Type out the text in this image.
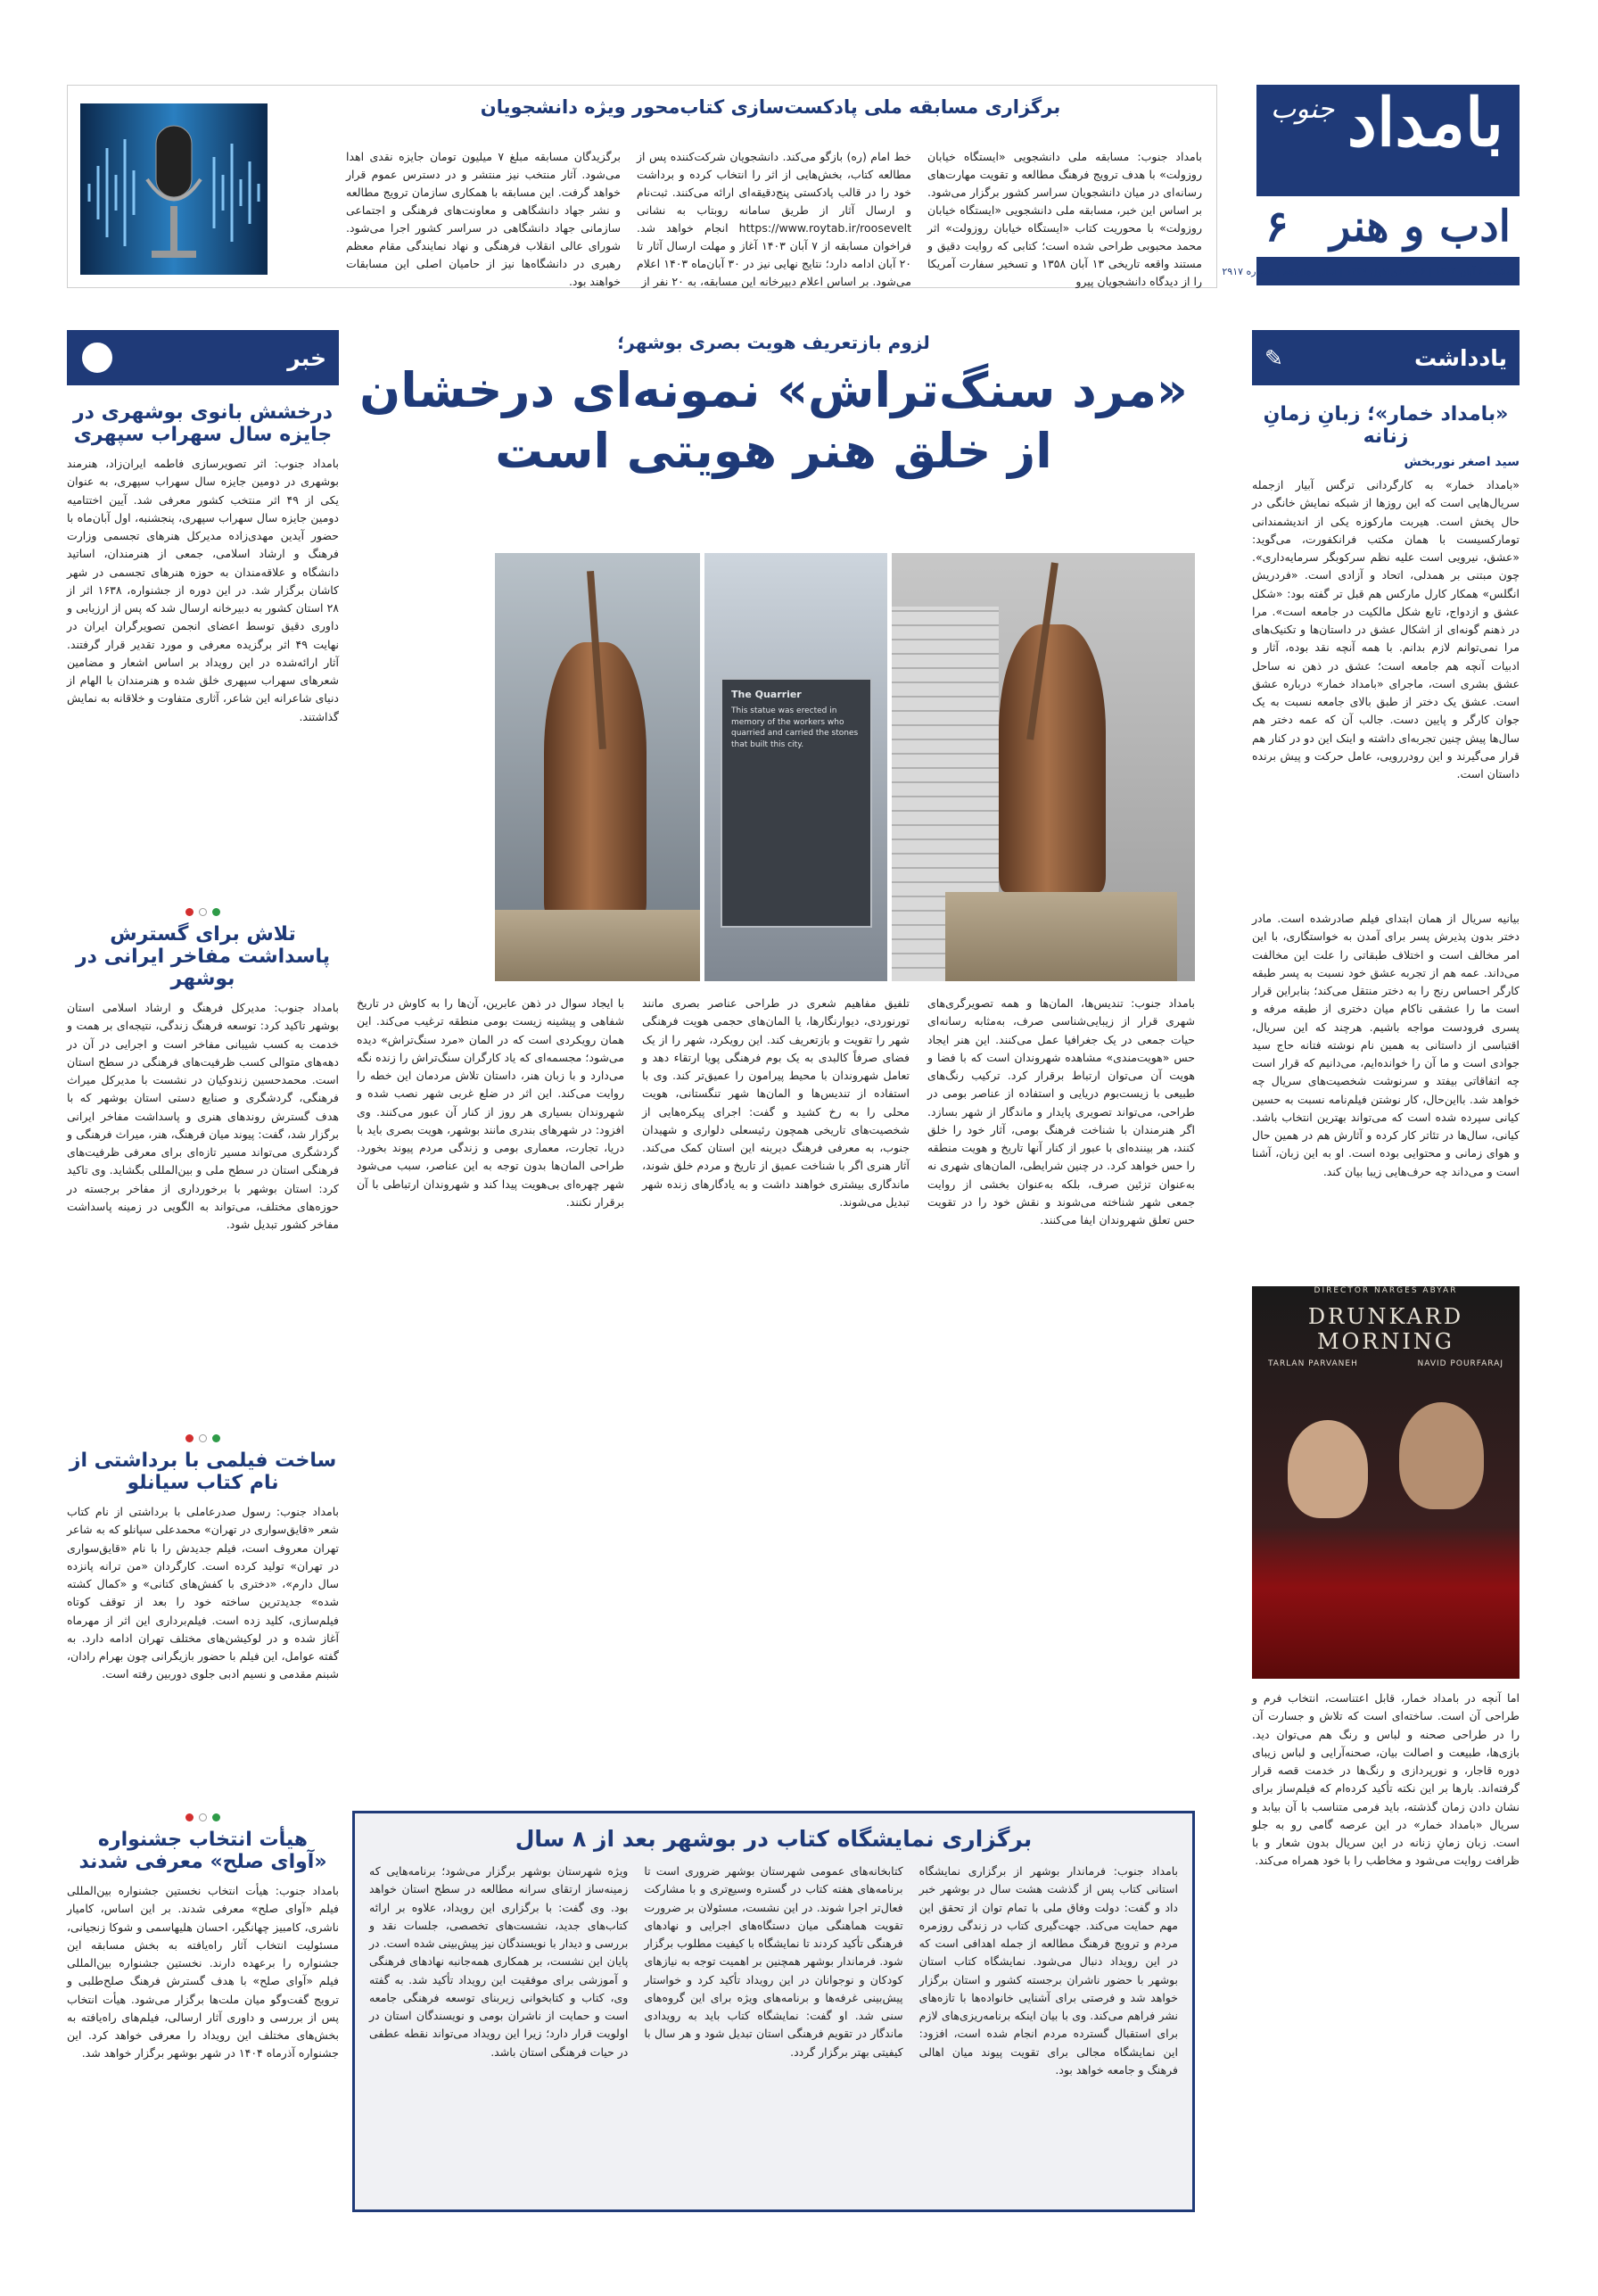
بامداد
جنوب
ادب و هنر
۶
سه‌شنبه ۶ آبان ۱۴۰۴ | ۶ جمادی‌الاول ۱۴۴۷ | سال دوازدهم | شماره ۲۹۱۷
برگزاری مسابقه ملی پادکست‌سازی کتاب‌محور ویژه دانشجویان

بامداد جنوب: مسابقه ملی دانشجویی «ایستگاه خیابان روزولت» با هدف ترویج فرهنگ مطالعه و تقویت مهارت‌های رسانه‌ای در میان دانشجویان سراسر کشور برگزار می‌شود. بر اساس این خبر، مسابقه ملی دانشجویی «ایستگاه خیابان روزولت» با محوریت کتاب «ایستگاه خیابان روزولت» اثر محمد محبوبی طراحی شده است؛ کتابی که روایت دقیق و مستند واقعه تاریخی ۱۳ آبان ۱۳۵۸ و تسخیر سفارت آمریکا را از دیدگاه دانشجویان پیرو

خط امام (ره) بازگو می‌کند. دانشجویان شرکت‌کننده پس از مطالعه کتاب، بخش‌هایی از اثر را انتخاب کرده و برداشت خود را در قالب پادکستی پنج‌دقیقه‌ای ارائه می‌کنند. ثبت‌نام و ارسال آثار از طریق سامانه روبتاب به نشانی https://www.roytab.ir/roosevelt انجام خواهد شد. فراخوان مسابقه از ۷ آبان ۱۴۰۳ آغاز و مهلت ارسال آثار تا ۲۰ آبان ادامه دارد؛ نتایج نهایی نیز در ۳۰ آبان‌ماه ۱۴۰۳ اعلام می‌شود. بر اساس اعلام دبیرخانه این مسابقه، به ۲۰ نفر از

برگزیدگان مسابقه مبلغ ۷ میلیون تومان جایزه نقدی اهدا می‌شود. آثار منتخب نیز منتشر و در دسترس عموم قرار خواهد گرفت. این مسابقه با همکاری سازمان ترویج مطالعه و نشر جهاد دانشگاهی و معاونت‌های فرهنگی و اجتماعی سازمانی جهاد دانشگاهی در سراسر کشور اجرا می‌شود. شورای عالی انقلاب فرهنگی و نهاد نمایندگی مقام معظم رهبری در دانشگاه‌ها نیز از حامیان اصلی این مسابقات خواهند بود.

یادداشت
✎
«بامداد خمار»؛ زبانِ زمانِ زنانه
سید اصغر نوربخش

«بامداد خمار» به کارگردانی ترگس آبیار ازجمله سریال‌هایی است که این روزها از شبکه نمایش خانگی در حال پخش است. هیربت مارکوزه یکی از اندیشمندانی تومارکسیست با همان مکتب فرانکفورت، می‌گوید: «عشق، نیرویی است علیه نظم سرکوبگر سرمایه‌داری». چون مبتنی بر همدلی، اتحاد و آزادی است. «فردریش انگلس» همکار کارل مارکس هم قبل تر گفته بود: «شکل عشق و ازدواج، تابع شکل مالکیت در جامعه است». مرا در ذهنم گونه‌ای از اشکال عشق در داستان‌ها و تکنیک‌های مرا نمی‌توانم لازم بدانم. با همه آنچه نقد بوده، آثار و ادبیات آنچه هم جامعه است؛ عشق در ذهن نه ساحل عشق بشری است، ماجرای «بامداد خمار» درباره عشق است. عشق یک دختر از طبق بالای جامعه نسبت به یک جوان کارگر و پایین دست. جالب آن که عمه دختر هم سال‌ها پیش چنین تجربه‌ای داشته و اینک این دو در کنار هم قرار می‌گیرند و این رودررویی، عامل حرکت و پیش برنده داستان است.

بیانیه سریال از همان ابتدای فیلم صادرشده است. مادر دختر بدون پذیرش پسر برای آمدن به خواستگاری، با این امر مخالف است و اختلاف طبقاتی را علت این مخالفت می‌داند. عمه هم از تجربه عشق خود نسبت به پسر طبقه کارگر احساس رنج را به دختر منتقل می‌کند؛ بنابراین قرار است ما را عشقی ناکام میان دختری از طبقه مرفه و پسری فرودست مواجه باشیم. هرچند که این سریال، اقتباسی از داستانی به همین نام نوشته فتانه حاج سید جوادی است و ما آن را خوانده‌ایم، می‌دانیم که قرار است چه اتفاقاتی بیفتد و سرنوشت شخصیت‌های سریال چه خواهد شد. بااین‌حال، کار نوشتن فیلم‌نامه نسبت به حسین کیانی سپرده شده است که می‌تواند بهترین انتخاب باشد. کیانی، سال‌ها در تئاتر کار کرده و آثارش هم در همین حال و هوای زمانی و محتوایی بوده است. او به این زبان، آشنا است و می‌داند چه حرف‌هایی زیبا بیان کند.

DIRECTOR NARGES ABYAR
DRUNKARD MORNING
TARLAN PARVANEH	NAVID POURFARAJ

اما آنچه در بامداد خمار، قابل اعتناست، انتخاب فرم و طراحی آن است. ساخته‌ای است که تلاش و جسارت آن را در طراحی صحنه و لباس و رنگ هم می‌توان دید. بازی‌ها، طبیعت و اصالت بیان، صحنه‌آرایی و لباس زیبای دوره قاجار، و نورپردازی و رنگ‌ها در خدمت قصه قرار گرفته‌اند. بارها بر این نکته تأکید کرده‌ام که فیلم‌ساز برای نشان دادن زمان گذشته، باید فرمی متناسب با آن بیابد و سریال «بامداد خمار» در این عرصه گامی رو به جلو است. زبان زمانِ زنانه در این سریال بدون شعار و با ظرافت روایت می‌شود و مخاطب را با خود همراه می‌کند.

خبر
درخشش بانوی بوشهری در جایزه سال سهراب سپهری

بامداد جنوب: اثر تصویرسازی فاطمه ایران‌زاد، هنرمند بوشهری در دومین جایزه سال سهراب سپهری، به عنوان یکی از ۴۹ اثر منتخب کشور معرفی شد. آیین اختتامیه دومین جایزه سال سهراب سپهری، پنجشنبه، اول آبان‌ماه با حضور آیدین مهدی‌زاده مدیرکل هنرهای تجسمی وزارت فرهنگ و ارشاد اسلامی، جمعی از هنرمندان، اساتید دانشگاه و علاقه‌مندان به حوزه هنرهای تجسمی در شهر کاشان برگزار شد. در این دوره از جشنواره، ۱۶۳۸ اثر از ۲۸ استان کشور به دبیرخانه ارسال شد که پس از ارزیابی و داوری دقیق توسط اعضای انجمن تصویرگران ایران در نهایت ۴۹ اثر برگزیده معرفی و مورد تقدیر قرار گرفتند. آثار ارائه‌شده در این رویداد بر اساس اشعار و مضامین شعرهای سهراب سپهری خلق شده و هنرمندان با الهام از دنیای شاعرانه این شاعر، آثاری متفاوت و خلاقانه به نمایش گذاشتند.

تلاش برای گسترش پاسداشت مفاخر ایرانی در بوشهر

بامداد جنوب: مدیرکل فرهنگ و ارشاد اسلامی استان بوشهر تاکید کرد: توسعه فرهنگ زندگی، نتیجه‌ای بر همت و خدمت به کسب شیبانی مفاخر است و اجرایی در آن در دهه‌های متوالی کسب ظرفیت‌های فرهنگی در سطح استان است. محمدحسین زندوکیان در نشست با مدیرکل میراث فرهنگی، گردشگری و صنایع دستی استان بوشهر که با هدف گسترش روندهای هنری و پاسداشت مفاخر ایرانی برگزار شد، گفت: پیوند میان فرهنگ، هنر، میراث فرهنگی و گردشگری می‌تواند مسیر تازه‌ای برای معرفی ظرفیت‌های فرهنگی استان در سطح ملی و بین‌المللی بگشاید. وی تاکید کرد: استان بوشهر با برخورداری از مفاخر برجسته در حوزه‌های مختلف، می‌تواند به الگویی در زمینه پاسداشت مفاخر کشور تبدیل شود.

ساخت فیلمی با برداشتی از نام کتاب سیانلو

بامداد جنوب: رسول صدرعاملی با برداشتی از نام کتاب شعر «قایق‌سواری در تهران» محمدعلی سپانلو که به شاعر تهران معروف است، فیلم جدیدش را با نام «قایق‌سواری در تهران» تولید کرده است. کارگردان «من ترانه پانزده سال دارم»، «دختری با کفش‌های کتانی» و «کمال کشته شده» جدیدترین ساخته خود را بعد از توقف کوتاه فیلم‌سازی، کلید زده است. فیلم‌برداری این اثر از مهرماه آغاز شده و در لوکیشن‌های مختلف تهران ادامه دارد. به گفته عوامل، این فیلم با حضور بازیگرانی چون بهرام رادان، شبنم مقدمی و نسیم ادبی جلوی دوربین رفته است.

هیأت انتخاب جشنواره «آوای صلح» معرفی شدند

بامداد جنوب: هیأت انتخاب نخستین جشنواره بین‌المللی فیلم «آوای صلح» معرفی شدند. بر این اساس، کامیار ناشری، کامبیز چهانگیر، احسان هلیهاسمی و شوکا زنجیانی، مسئولیت انتخاب آثار راه‌یافته به بخش مسابقه این جشنواره را برعهده دارند. نخستین جشنواره بین‌المللی فیلم «آوای صلح» با هدف گسترش فرهنگ صلح‌طلبی و ترویج گفت‌وگو میان ملت‌ها برگزار می‌شود. هیأت انتخاب پس از بررسی و داوری آثار ارسالی، فیلم‌های راه‌یافته به بخش‌های مختلف این رویداد را معرفی خواهد کرد. این جشنواره آذرماه ۱۴۰۴ در شهر بوشهر برگزار خواهد شد.

لزوم بازتعریف هویت بصری بوشهر؛
«مرد سنگ‌تراش» نمونه‌ای درخشان
از خلق هنر هویتی است
The Quarrier
This statue was erected in memory of the workers who quarried and carried the stones that built this city.

بامداد جنوب: تندیس‌ها، المان‌ها و همه تصویرگری‌های شهری قرار از زیبایی‌شناسی صرف، به‌مثابه رسانه‌ای حیات جمعی در یک جغرافیا عمل می‌کنند. این هنر ایجاد حس «هویت‌مندی» مشاهده شهروندان است که با فضا و هویت آن می‌توان ارتباط برقرار کرد. ترکیب رنگ‌های طبیعی با زیست‌بوم دریایی و استفاده از عناصر بومی در طراحی، می‌تواند تصویری پایدار و ماندگار از شهر بسازد. اگر هنرمندان با شناخت فرهنگ بومی، آثار خود را خلق کنند، هر بیننده‌ای با عبور از کنار آنها تاریخ و هویت منطقه را حس خواهد کرد. در چنین شرایطی، المان‌های شهری نه به‌عنوان تزئین صرف، بلکه به‌عنوان بخشی از روایت جمعی شهر شناخته می‌شوند و نقش خود را در تقویت حس تعلق شهروندان ایفا می‌کنند.

تلفیق مفاهیم شعری در طراحی عناصر بصری مانند تورنوردی، دیوارنگارها، یا المان‌های حجمی هویت فرهنگی شهر را تقویت و بازتعریف کند. این رویکرد، شهر را از یک فضای صرفاً کالبدی به یک بوم فرهنگی پویا ارتقاء دهد و تعامل شهروندان با محیط پیرامون را عمیق‌تر کند. وی با استفاده از تندیس‌ها و المان‌ها شهر تنگستانی، هویت محلی را به رخ کشید و گفت: اجرای پیکره‌هایی از شخصیت‌های تاریخی همچون رئیسعلی دلواری و شهیدان جنوب، به معرفی فرهنگ دیرینه این استان کمک می‌کند. آثار هنری اگر با شناخت عمیق از تاریخ و مردم خلق شوند، ماندگاری بیشتری خواهند داشت و به یادگارهای زنده شهر تبدیل می‌شوند.

با ایجاد سوال در ذهن عابرین، آن‌ها را به کاوش در تاریخ شفاهی و پیشینه زیست بومی منطقه ترغیب می‌کند. این همان رویکردی است که در المان «مرد سنگ‌تراش» دیده می‌شود؛ مجسمه‌ای که یاد کارگران سنگ‌تراش را زنده نگه می‌دارد و با زبان هنر، داستان تلاش مردمان این خطه را روایت می‌کند. این اثر در ضلع غربی شهر نصب شده و شهروندان بسیاری هر روز از کنار آن عبور می‌کنند. وی افزود: در شهرهای بندری مانند بوشهر، هویت بصری باید با دریا، تجارت، معماری بومی و زندگی مردم پیوند بخورد. طراحی المان‌ها بدون توجه به این عناصر، سبب می‌شود شهر چهره‌ای بی‌هویت پیدا کند و شهروندان ارتباطی با آن برقرار نکنند.

برگزاری نمایشگاه کتاب در بوشهر بعد از ۸ سال

بامداد جنوب: فرماندار بوشهر از برگزاری نمایشگاه استانی کتاب پس از گذشت هشت سال در بوشهر خبر داد و گفت: دولت وفاق ملی با تمام توان از تحقق این مهم حمایت می‌کند. جهت‌گیری کتاب در زندگی روزمره مردم و ترویج فرهنگ مطالعه از جمله اهدافی است که در این رویداد دنبال می‌شود. نمایشگاه کتاب استان بوشهر با حضور ناشران برجسته کشور و استان برگزار خواهد شد و فرصتی برای آشنایی خانواده‌ها با تازه‌های نشر فراهم می‌کند. وی با بیان اینکه برنامه‌ریزی‌های لازم برای استقبال گسترده مردم انجام شده است، افزود: این نمایشگاه مجالی برای تقویت پیوند میان اهالی فرهنگ و جامعه خواهد بود.

کتابخانه‌های عمومی شهرستان بوشهر ضروری است تا برنامه‌های هفته کتاب در گستره وسیع‌تری و با مشارکت فعال‌تر اجرا شوند. در این نشست، مسئولان بر ضرورت تقویت هماهنگی میان دستگاه‌های اجرایی و نهادهای فرهنگی تأکید کردند تا نمایشگاه با کیفیت مطلوب برگزار شود. فرماندار بوشهر همچنین بر اهمیت توجه به نیازهای کودکان و نوجوانان در این رویداد تأکید کرد و خواستار پیش‌بینی غرفه‌ها و برنامه‌های ویژه برای این گروه‌های سنی شد. او گفت: نمایشگاه کتاب باید به رویدادی ماندگار در تقویم فرهنگی استان تبدیل شود و هر سال با کیفیتی بهتر برگزار گردد.

ویژه شهرستان بوشهر برگزار می‌شود؛ برنامه‌هایی که زمینه‌ساز ارتقای سرانه مطالعه در سطح استان خواهد بود. وی گفت: با برگزاری این رویداد، علاوه بر ارائه کتاب‌های جدید، نشست‌های تخصصی، جلسات نقد و بررسی و دیدار با نویسندگان نیز پیش‌بینی شده است. در پایان این نشست، بر همکاری همه‌جانبه نهادهای فرهنگی و آموزشی برای موفقیت این رویداد تأکید شد. به گفته وی، کتاب و کتابخوانی زیربنای توسعه فرهنگی جامعه است و حمایت از ناشران بومی و نویسندگان استان در اولویت قرار دارد؛ زیرا این رویداد می‌تواند نقطه عطفی در حیات فرهنگی استان باشد.
